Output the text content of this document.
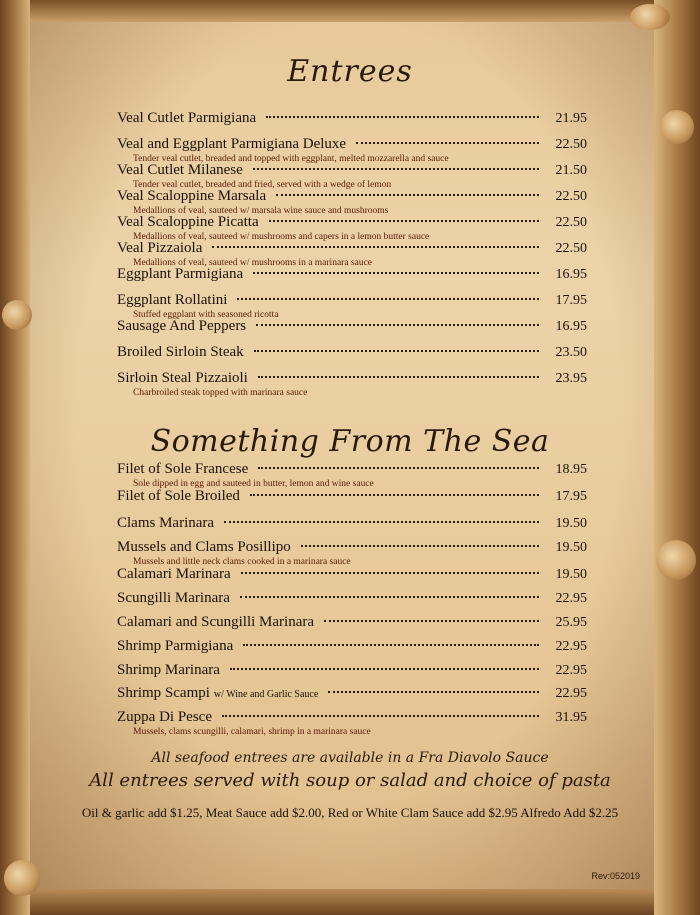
Entrees
Veal Cutlet Parmigiana	21.95
Veal and Eggplant Parmigiana Deluxe	22.50
Tender veal cutlet, breaded and topped with eggplant, melted mozzarella and sauce
Veal Cutlet Milanese	21.50
Tender veal cutlet, breaded and fried, served with a wedge of lemon
Veal Scaloppine Marsala	22.50
Medallions of veal, sauteed w/ marsala wine sauce and mushrooms
Veal Scaloppine Picatta	22.50
Medallions of veal, sauteed w/ mushrooms and capers in a lemon butter sauce
Veal Pizzaiola	22.50
Medallions of veal, sauteed w/ mushrooms in a marinara sauce
Eggplant Parmigiana	16.95
Eggplant Rollatini	17.95
Stuffed eggplant with seasoned ricotta
Sausage And Peppers	16.95
Broiled Sirloin Steak	23.50
Sirloin Steal Pizzaioli	23.95
Charbroiled steak topped with marinara sauce
Something From The Sea
Filet of Sole Francese	18.95
Sole dipped in egg and sauteed in butter, lemon and wine sauce
Filet of Sole Broiled	17.95
Clams Marinara	19.50
Mussels and Clams Posillipo	19.50
Mussels and little neck clams cooked in a marinara sauce
Calamari Marinara	19.50
Scungilli Marinara	22.95
Calamari and Scungilli Marinara	25.95
Shrimp Parmigiana	22.95
Shrimp Marinara	22.95
Shrimp Scampi w/ Wine and Garlic Sauce	22.95
Zuppa Di Pesce	31.95
Mussels, clams scungilli, calamari, shrimp in a marinara sauce

All seafood entrees are available in a Fra Diavolo Sauce

All entrees served with soup or salad and choice of pasta

Oil & garlic add $1.25, Meat Sauce add $2.00, Red or White Clam Sauce add $2.95 Alfredo Add $2.25

Rev:052019
